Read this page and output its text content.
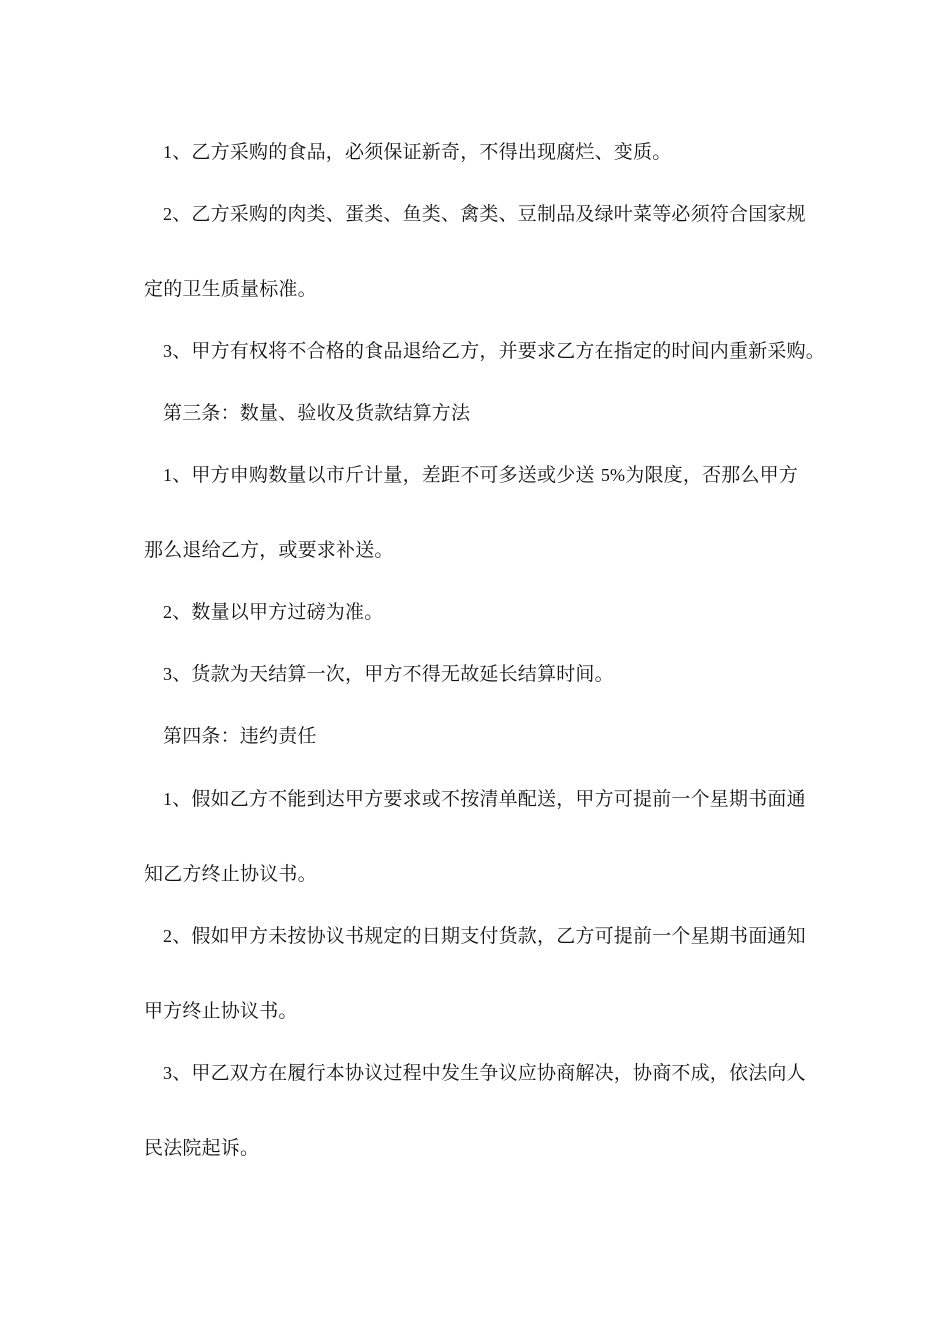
1、乙方采购的食品，必须保证新奇，不得出现腐烂、变质。
2、乙方采购的肉类、蛋类、鱼类、禽类、豆制品及绿叶菜等必须符合国家规
定的卫生质量标准。
3、甲方有权将不合格的食品退给乙方，并要求乙方在指定的时间内重新采购。
第三条：数量、验收及货款结算方法
1、甲方申购数量以市斤计量，差距不可多送或少送 5%为限度，否那么甲方
那么退给乙方，或要求补送。
2、数量以甲方过磅为准。
3、货款为天结算一次，甲方不得无故延长结算时间。
第四条：违约责任
1、假如乙方不能到达甲方要求或不按清单配送，甲方可提前一个星期书面通
知乙方终止协议书。
2、假如甲方未按协议书规定的日期支付货款，乙方可提前一个星期书面通知
甲方终止协议书。
3、甲乙双方在履行本协议过程中发生争议应协商解决，协商不成，依法向人
民法院起诉。
